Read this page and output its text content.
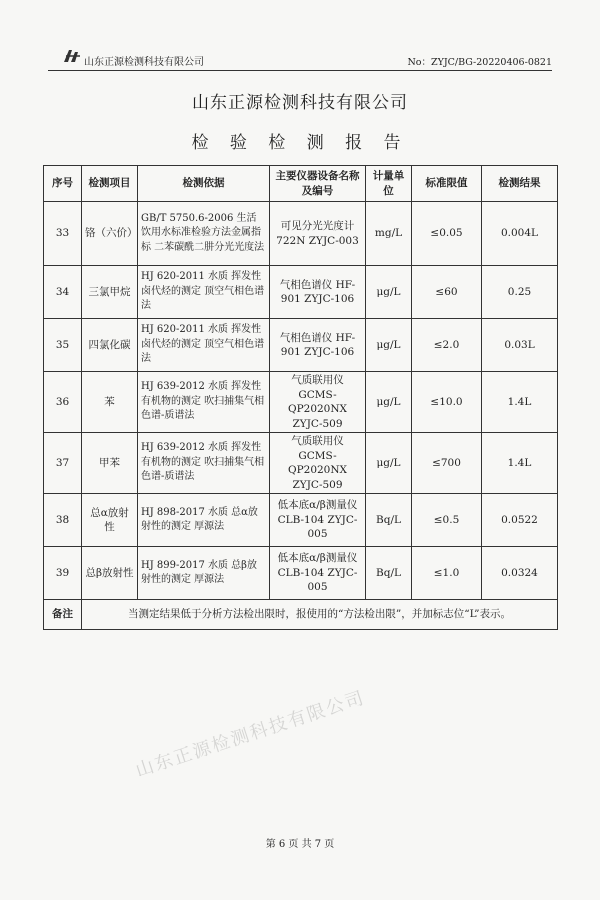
山东正源检测科技有限公司	No：ZYJC/BG-20220406-0821
山东正源检测科技有限公司
检 验 检 测 报 告
序号	检测项目	检测依据	主要仪器设备名称及编号	计量单位	标准限值	检测结果
33	铬（六价）	GB/T 5750.6-2006 生活饮用水标准检验方法金属指标 二苯碳酰二肼分光光度法	可见分光光度计 722N ZYJC-003	mg/L	≤0.05	0.004L
34	三氯甲烷	HJ 620-2011 水质 挥发性卤代烃的测定 顶空气相色谱法	气相色谱仪 HF-901 ZYJC-106	μg/L	≤60	0.25
35	四氯化碳	HJ 620-2011 水质 挥发性卤代烃的测定 顶空气相色谱法	气相色谱仪 HF-901 ZYJC-106	μg/L	≤2.0	0.03L
36	苯	HJ 639-2012 水质 挥发性有机物的测定 吹扫捕集气相色谱-质谱法	气质联用仪 GCMS-QP2020NX ZYJC-509	μg/L	≤10.0	1.4L
37	甲苯	HJ 639-2012 水质 挥发性有机物的测定 吹扫捕集气相色谱-质谱法	气质联用仪 GCMS-QP2020NX ZYJC-509	μg/L	≤700	1.4L
38	总α放射性	HJ 898-2017 水质 总α放射性的测定 厚源法	低本底α/β测量仪 CLB-104 ZYJC-005	Bq/L	≤0.5	0.0522
39	总β放射性	HJ 899-2017 水质 总β放射性的测定 厚源法	低本底α/β测量仪 CLB-104 ZYJC-005	Bq/L	≤1.0	0.0324
备注	当测定结果低于分析方法检出限时，报使用的“方法检出限”，并加标志位“L”表示。					
山东正源检测科技有限公司
第 6 页 共 7 页
